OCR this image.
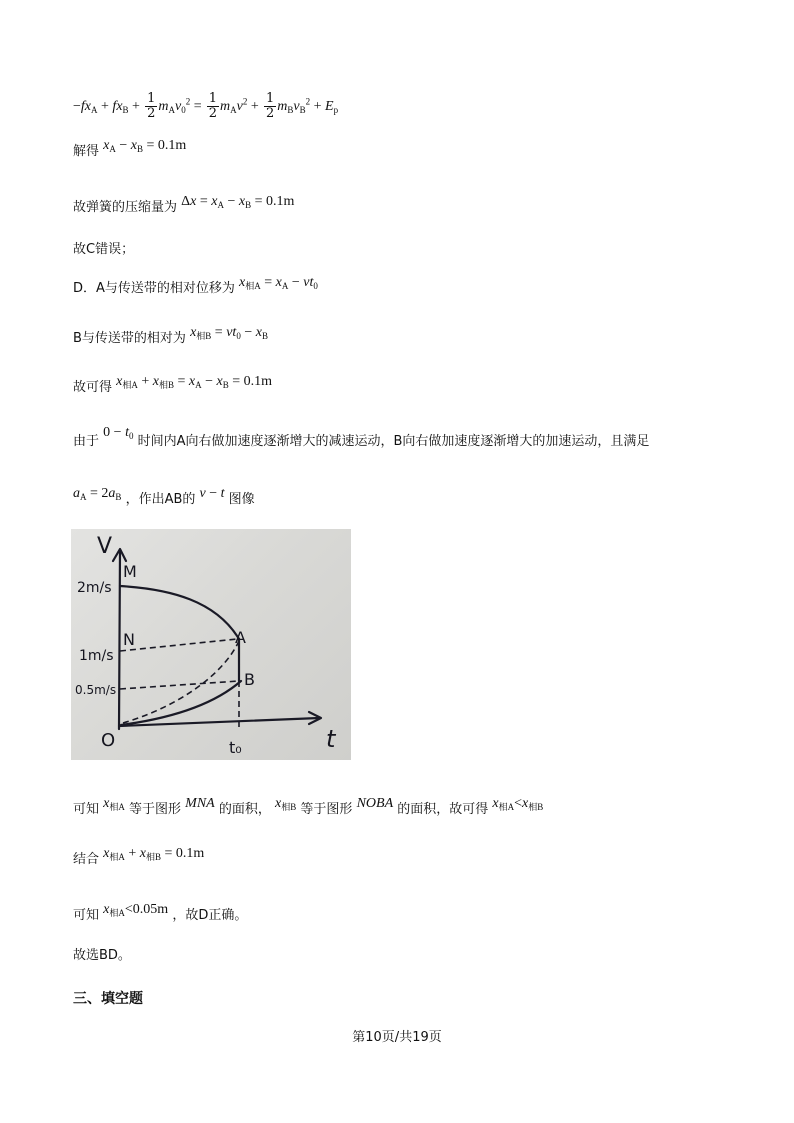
$-fx_A + fx_B + \frac{1}{2} m_Av_0^2 = \frac{1}{2} m_Av^2 + \frac{1}{2} m_Bv_B^2 + E_p$
解得 $x_A - x_B = 0.1m$
故弹簧的压缩量为 $\Delta x = x_A - x_B = 0.1m$
故C错误；
D．A与传送带的相对位移为 $x_{相A} = x_A - vt_0$
B与传送带的相对为 $x_{相B} = vt_0 - x_B$
故可得 $x_{相A} + x_{相B} = x_A - x_B = 0.1m$
由于 $0 - t_0$ 时间内A向右做加速度逐渐增大的减速运动，B向右做加速度逐渐增大的加速运动，且满足
$a_A = 2a_B$ ，作出AB的 v − t 图像
V
t
O	t₀
2m/s
1m/s
0.5m/s
M
N	A
B
可知 $x_{相A}$ 等于图形 MNA 的面积， $x_{相B}$ 等于图形 NOBA 的面积，故可得 $x_{相A}<x_{相B}$
结合 $x_{相A} + x_{相B} = 0.1m$
可知 $x_{相A}<0.05m$ ，故D正确。
故选BD。
三、填空题
第10页/共19页
